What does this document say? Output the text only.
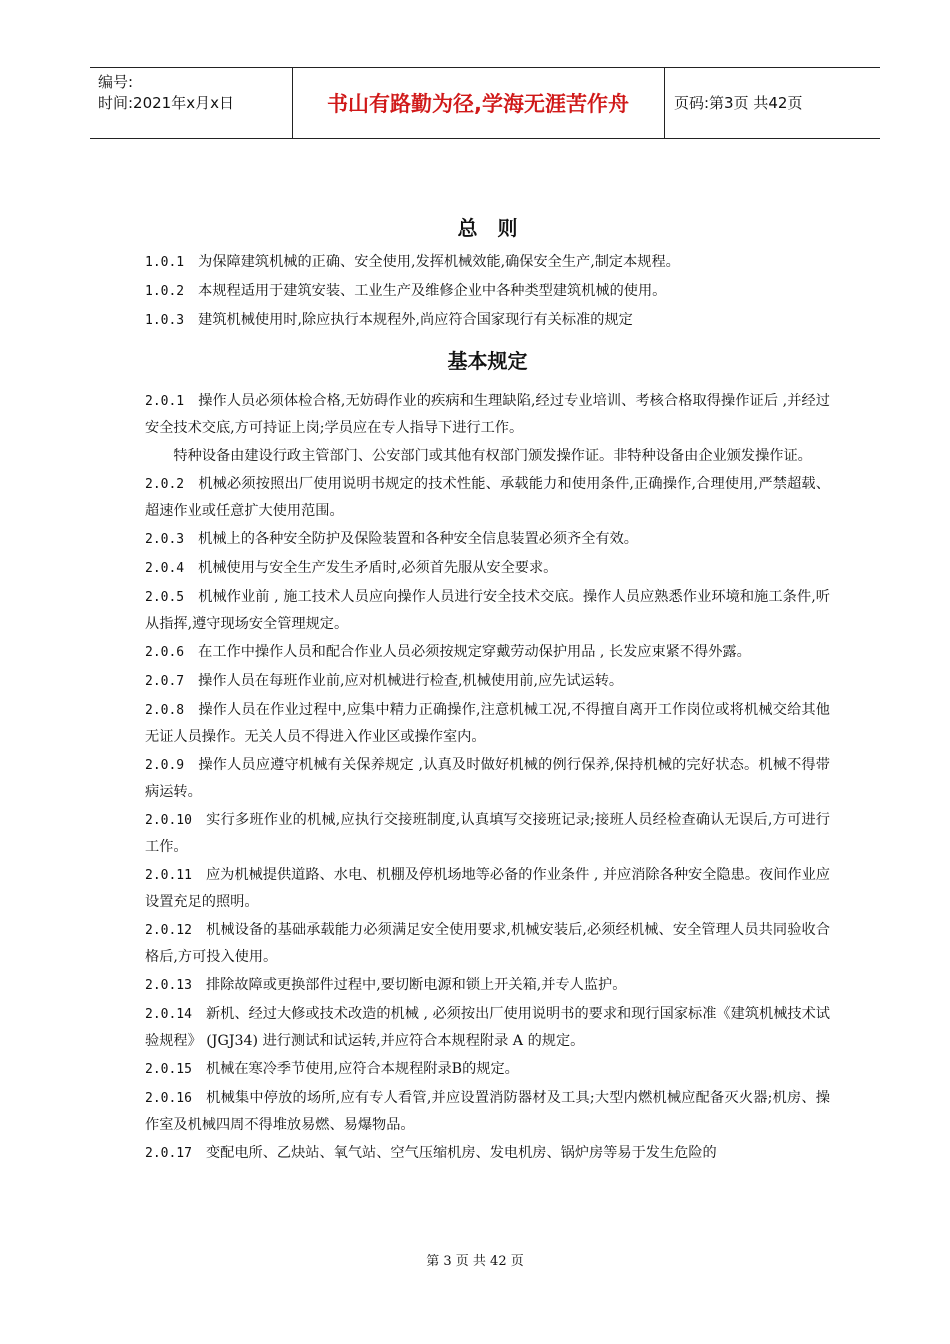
编号:
时间:2021年x月x日	书山有路勤为径,学海无涯苦作舟	页码:第3页 共42页
总　则
1.0.1 为保障建筑机械的正确、安全使用,发挥机械效能,确保安全生产,制定本规程。
1.0.2 本规程适用于建筑安装、工业生产及维修企业中各种类型建筑机械的使用。
1.0.3 建筑机械使用时,除应执行本规程外,尚应符合国家现行有关标准的规定
基本规定
2.0.1 操作人员必须体检合格,无妨碍作业的疾病和生理缺陷,经过专业培训、考核合格取得操作证后 ,并经过安全技术交底,方可持证上岗;学员应在专人指导下进行工作。
特种设备由建设行政主管部门、公安部门或其他有权部门颁发操作证。非特种设备由企业颁发操作证。
2.0.2 机械必须按照出厂使用说明书规定的技术性能、承载能力和使用条件,正确操作,合理使用,严禁超载、超速作业或任意扩大使用范围。
2.0.3 机械上的各种安全防护及保险装置和各种安全信息装置必须齐全有效。
2.0.4 机械使用与安全生产发生矛盾时,必须首先服从安全要求。
2.0.5 机械作业前 , 施工技术人员应向操作人员进行安全技术交底。操作人员应熟悉作业环境和施工条件,听从指挥,遵守现场安全管理规定。
2.0.6 在工作中操作人员和配合作业人员必须按规定穿戴劳动保护用品 , 长发应束紧不得外露。
2.0.7 操作人员在每班作业前,应对机械进行检查,机械使用前,应先试运转。
2.0.8 操作人员在作业过程中,应集中精力正确操作,注意机械工况,不得擅自离开工作岗位或将机械交给其他无证人员操作。无关人员不得进入作业区或操作室内。
2.0.9 操作人员应遵守机械有关保养规定 ,认真及时做好机械的例行保养,保持机械的完好状态。机械不得带病运转。
2.0.10 实行多班作业的机械,应执行交接班制度,认真填写交接班记录;接班人员经检查确认无误后,方可进行工作。
2.0.11 应为机械提供道路、水电、机棚及停机场地等必备的作业条件 , 并应消除各种安全隐患。夜间作业应设置充足的照明。
2.0.12 机械设备的基础承载能力必须满足安全使用要求,机械安装后,必须经机械、安全管理人员共同验收合格后,方可投入使用。
2.0.13 排除故障或更换部件过程中,要切断电源和锁上开关箱,并专人监护。
2.0.14 新机、经过大修或技术改造的机械 , 必须按出厂使用说明书的要求和现行国家标准《建筑机械技术试验规程》 (JGJ34) 进行测试和试运转,并应符合本规程附录 A 的规定。
2.0.15 机械在寒冷季节使用,应符合本规程附录B的规定。
2.0.16 机械集中停放的场所,应有专人看管,并应设置消防器材及工具;大型内燃机械应配备灭火器;机房、操作室及机械四周不得堆放易燃、易爆物品。
2.0.17 变配电所、乙炔站、氧气站、空气压缩机房、发电机房、锅炉房等易于发生危险的
第 3 页 共 42 页
